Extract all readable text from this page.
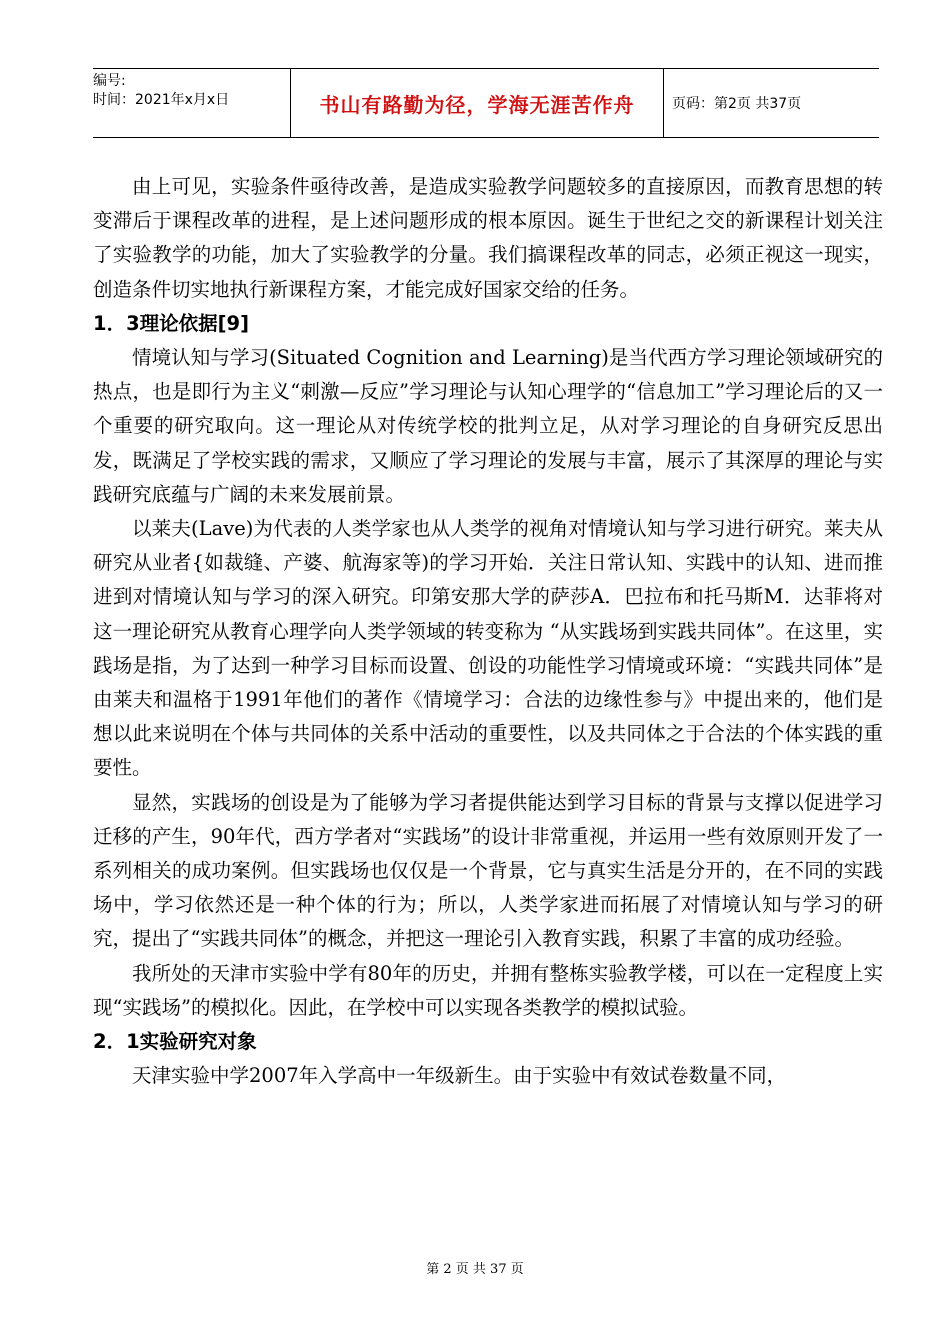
编号:
时间：2021年x月x日	书山有路勤为径，学海无涯苦作舟	页码：第2页 共37页

由上可见，实验条件亟待改善，是造成实验教学问题较多的直接原因，而教育思想的转变滞后于课程改革的进程，是上述问题形成的根本原因。诞生于世纪之交的新课程计划关注了实验教学的功能，加大了实验教学的分量。我们搞课程改革的同志，必须正视这一现实，创造条件切实地执行新课程方案，才能完成好国家交给的任务。

1．3理论依据[9]

情境认知与学习(Situated Cognition and Learning)是当代西方学习理论领域研究的热点，也是即行为主义“刺激—反应”学习理论与认知心理学的“信息加工”学习理论后的又一个重要的研究取向。这一理论从对传统学校的批判立足，从对学习理论的自身研究反思出发，既满足了学校实践的需求，又顺应了学习理论的发展与丰富，展示了其深厚的理论与实践研究底蕴与广阔的未来发展前景。

以莱夫(Lave)为代表的人类学家也从人类学的视角对情境认知与学习进行研究。莱夫从研究从业者{如裁缝、产婆、航海家等)的学习开始．关注日常认知、实践中的认知、进而推进到对情境认知与学习的深入研究。印第安那大学的萨莎A．巴拉布和托马斯M．达菲将对这一理论研究从教育心理学向人类学领域的转变称为 “从实践场到实践共同体”。在这里，实践场是指，为了达到一种学习目标而设置、创设的功能性学习情境或环境：“实践共同体”是由莱夫和温格于1991年他们的著作《情境学习：合法的边缘性参与》中提出来的，他们是想以此来说明在个体与共同体的关系中活动的重要性，以及共同体之于合法的个体实践的重要性。

显然，实践场的创设是为了能够为学习者提供能达到学习目标的背景与支撑以促进学习迁移的产生，90年代，西方学者对“实践场”的设计非常重视，并运用一些有效原则开发了一系列相关的成功案例。但实践场也仅仅是一个背景，它与真实生活是分开的，在不同的实践场中，学习依然还是一种个体的行为；所以，人类学家进而拓展了对情境认知与学习的研究，提出了“实践共同体”的概念，并把这一理论引入教育实践，积累了丰富的成功经验。

我所处的天津市实验中学有80年的历史，并拥有整栋实验教学楼，可以在一定程度上实现“实践场”的模拟化。因此，在学校中可以实现各类教学的模拟试验。

2．1实验研究对象

天津实验中学2007年入学高中一年级新生。由于实验中有效试卷数量不同，

第 2 页 共 37 页
